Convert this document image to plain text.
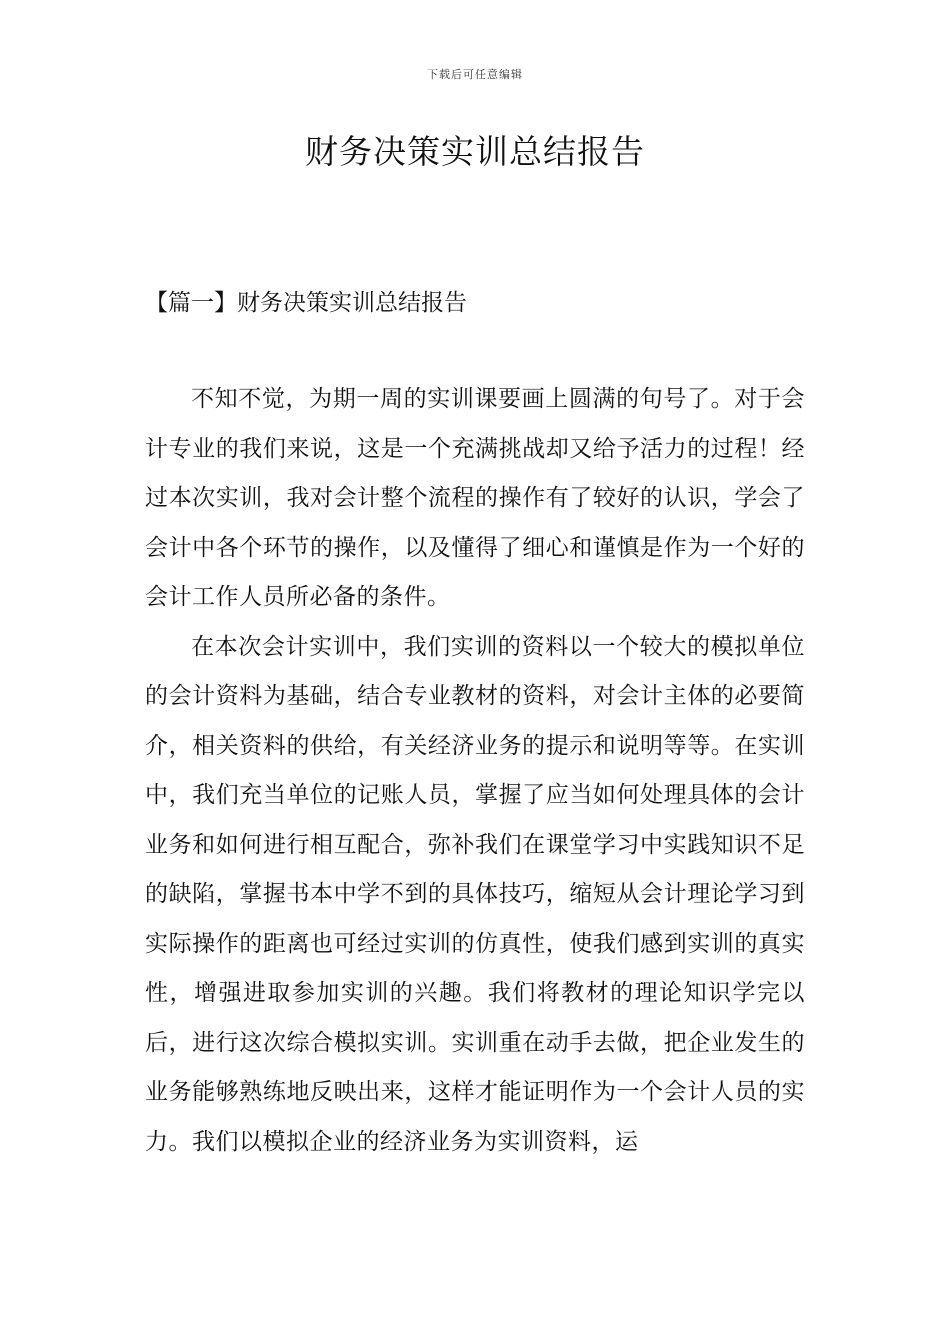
下载后可任意编辑
财务决策实训总结报告
【篇一】财务决策实训总结报告

不知不觉，为期一周的实训课要画上圆满的句号了。对于会计专业的我们来说，这是一个充满挑战却又给予活力的过程！经过本次实训，我对会计整个流程的操作有了较好的认识，学会了会计中各个环节的操作，以及懂得了细心和谨慎是作为一个好的会计工作人员所必备的条件。

在本次会计实训中，我们实训的资料以一个较大的模拟单位的会计资料为基础，结合专业教材的资料，对会计主体的必要简介，相关资料的供给，有关经济业务的提示和说明等等。在实训中，我们充当单位的记账人员，掌握了应当如何处理具体的会计业务和如何进行相互配合，弥补我们在课堂学习中实践知识不足的缺陷，掌握书本中学不到的具体技巧，缩短从会计理论学习到实际操作的距离也可经过实训的仿真性，使我们感到实训的真实性，增强进取参加实训的兴趣。我们将教材的理论知识学完以后，进行这次综合模拟实训。实训重在动手去做，把企业发生的业务能够熟练地反映出来，这样才能证明作为一个会计人员的实力。我们以模拟企业的经济业务为实训资料，运
